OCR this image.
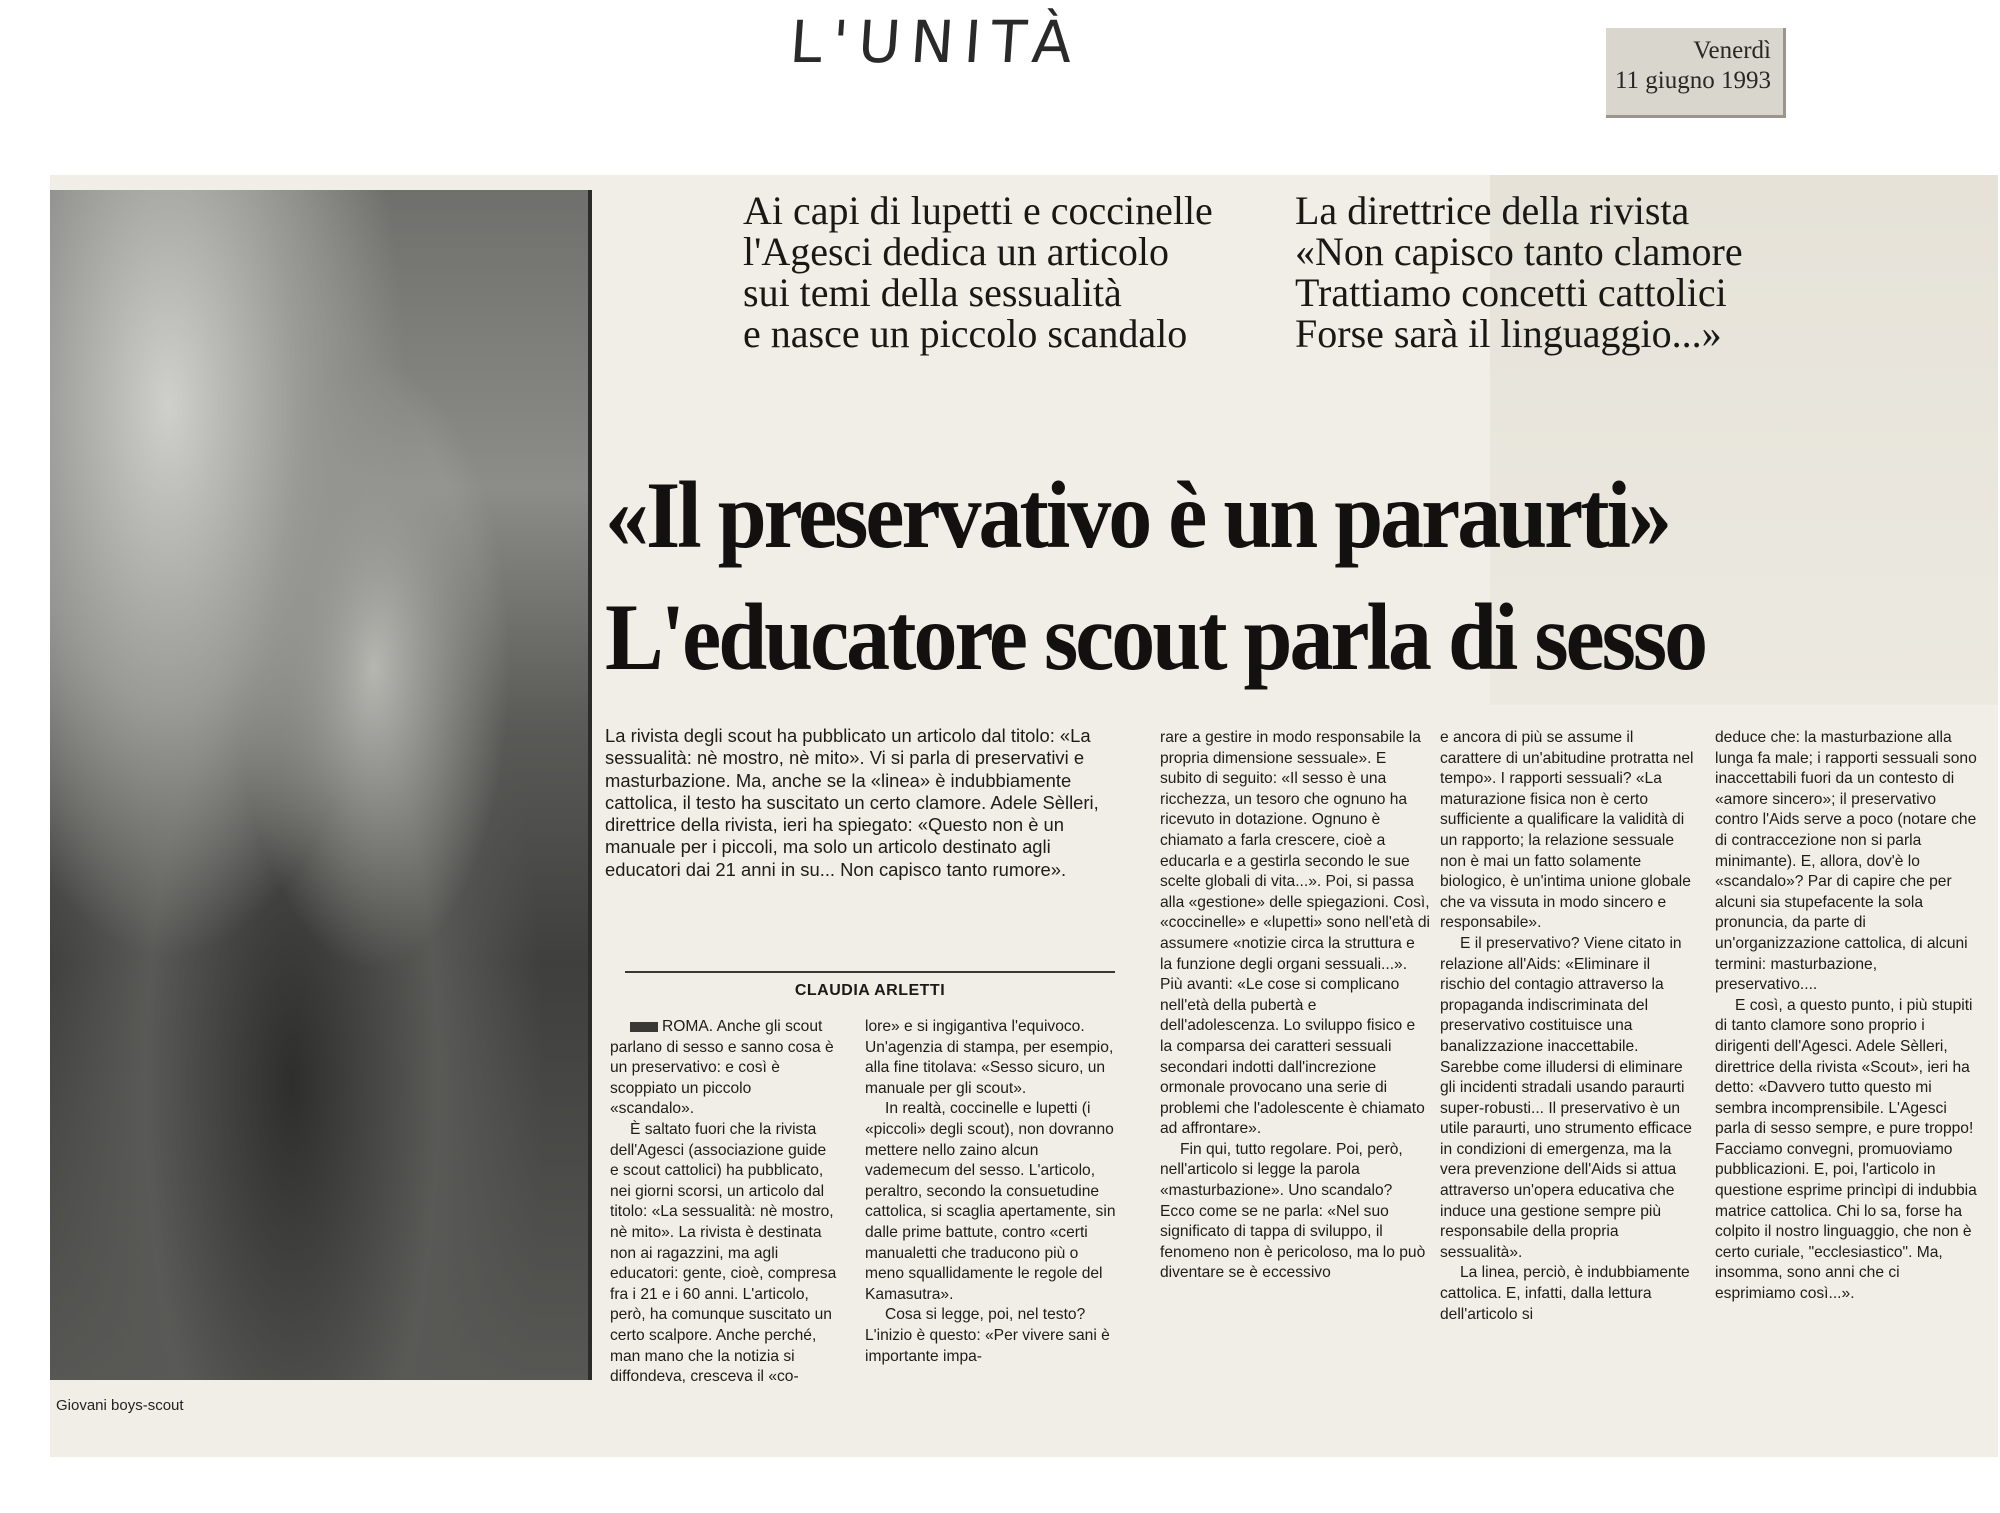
L'UNITÀ	Venerdì
11 giugno 1993
Giovani boys-scout
Ai capi di lupetti e coccinelle
l'Agesci dedica un articolo
sui temi della sessualità
e nasce un piccolo scandalo
La direttrice della rivista
«Non capisco tanto clamore
Trattiamo concetti cattolici
Forse sarà il linguaggio...»
«Il preservativo è un paraurti»
L'educatore scout parla di sesso

La rivista degli scout ha pubblicato un articolo dal titolo: «La sessualità: nè mostro, nè mito». Vi si parla di preservativi e masturbazione. Ma, anche se la «linea» è indubbiamente cattolica, il testo ha suscitato un certo clamore. Adele Sèlleri, direttrice della rivista, ieri ha spiegato: «Questo non è un manuale per i piccoli, ma solo un articolo destinato agli educatori dai 21 anni in su... Non capisco tanto rumore».

CLAUDIA ARLETTI

ROMA. Anche gli scout parlano di sesso e sanno cosa è un preservativo: e così è scoppiato un piccolo «scandalo».

È saltato fuori che la rivista dell'Agesci (associazione guide e scout cattolici) ha pubblicato, nei giorni scorsi, un articolo dal titolo: «La sessualità: nè mostro, nè mito». La rivista è destinata non ai ragazzini, ma agli educatori: gente, cioè, compresa fra i 21 e i 60 anni. L'articolo, però, ha comunque suscitato un certo scalpore. Anche perché, man mano che la notizia si diffondeva, cresceva il «co-

lore» e si ingigantiva l'equivoco. Un'agenzia di stampa, per esempio, alla fine titolava: «Sesso sicuro, un manuale per gli scout».

In realtà, coccinelle e lupetti (i «piccoli» degli scout), non dovranno mettere nello zaino alcun vademecum del sesso. L'articolo, peraltro, secondo la consuetudine cattolica, si scaglia apertamente, sin dalle prime battute, contro «certi manualetti che traducono più o meno squallidamente le regole del Kamasutra».

Cosa si legge, poi, nel testo? L'inizio è questo: «Per vivere sani è importante impa-

rare a gestire in modo responsabile la propria dimensione sessuale». E subito di seguito: «Il sesso è una ricchezza, un tesoro che ognuno ha ricevuto in dotazione. Ognuno è chiamato a farla crescere, cioè a educarla e a gestirla secondo le sue scelte globali di vita...». Poi, si passa alla «gestione» delle spiegazioni. Così, «coccinelle» e «lupetti» sono nell'età di assumere «notizie circa la struttura e la funzione degli organi sessuali...». Più avanti: «Le cose si complicano nell'età della pubertà e dell'adolescenza. Lo sviluppo fisico e la comparsa dei caratteri sessuali secondari indotti dall'increzione ormonale provocano una serie di problemi che l'adolescente è chiamato ad affrontare».

Fin qui, tutto regolare. Poi, però, nell'articolo si legge la parola «masturbazione». Uno scandalo? Ecco come se ne parla: «Nel suo significato di tappa di sviluppo, il fenomeno non è pericoloso, ma lo può diventare se è eccessivo

e ancora di più se assume il carattere di un'abitudine protratta nel tempo». I rapporti sessuali? «La maturazione fisica non è certo sufficiente a qualificare la validità di un rapporto; la relazione sessuale non è mai un fatto solamente biologico, è un'intima unione globale che va vissuta in modo sincero e responsabile».

E il preservativo? Viene citato in relazione all'Aids: «Eliminare il rischio del contagio attraverso la propaganda indiscriminata del preservativo costituisce una banalizzazione inaccettabile. Sarebbe come illudersi di eliminare gli incidenti stradali usando paraurti super-robusti... Il preservativo è un utile paraurti, uno strumento efficace in condizioni di emergenza, ma la vera prevenzione dell'Aids si attua attraverso un'opera educativa che induce una gestione sempre più responsabile della propria sessualità».

La linea, perciò, è indubbiamente cattolica. E, infatti, dalla lettura dell'articolo si

deduce che: la masturbazione alla lunga fa male; i rapporti sessuali sono inaccettabili fuori da un contesto di «amore sincero»; il preservativo contro l'Aids serve a poco (notare che di contraccezione non si parla minimante). E, allora, dov'è lo «scandalo»? Par di capire che per alcuni sia stupefacente la sola pronuncia, da parte di un'organizzazione cattolica, di alcuni termini: masturbazione, preservativo....

E così, a questo punto, i più stupiti di tanto clamore sono proprio i dirigenti dell'Agesci. Adele Sèlleri, direttrice della rivista «Scout», ieri ha detto: «Davvero tutto questo mi sembra incomprensibile. L'Agesci parla di sesso sempre, e pure troppo! Facciamo convegni, promuoviamo pubblicazioni. E, poi, l'articolo in questione esprime princìpi di indubbia matrice cattolica. Chi lo sa, forse ha colpito il nostro linguaggio, che non è certo curiale, "ecclesiastico". Ma, insomma, sono anni che ci esprimiamo così...».
